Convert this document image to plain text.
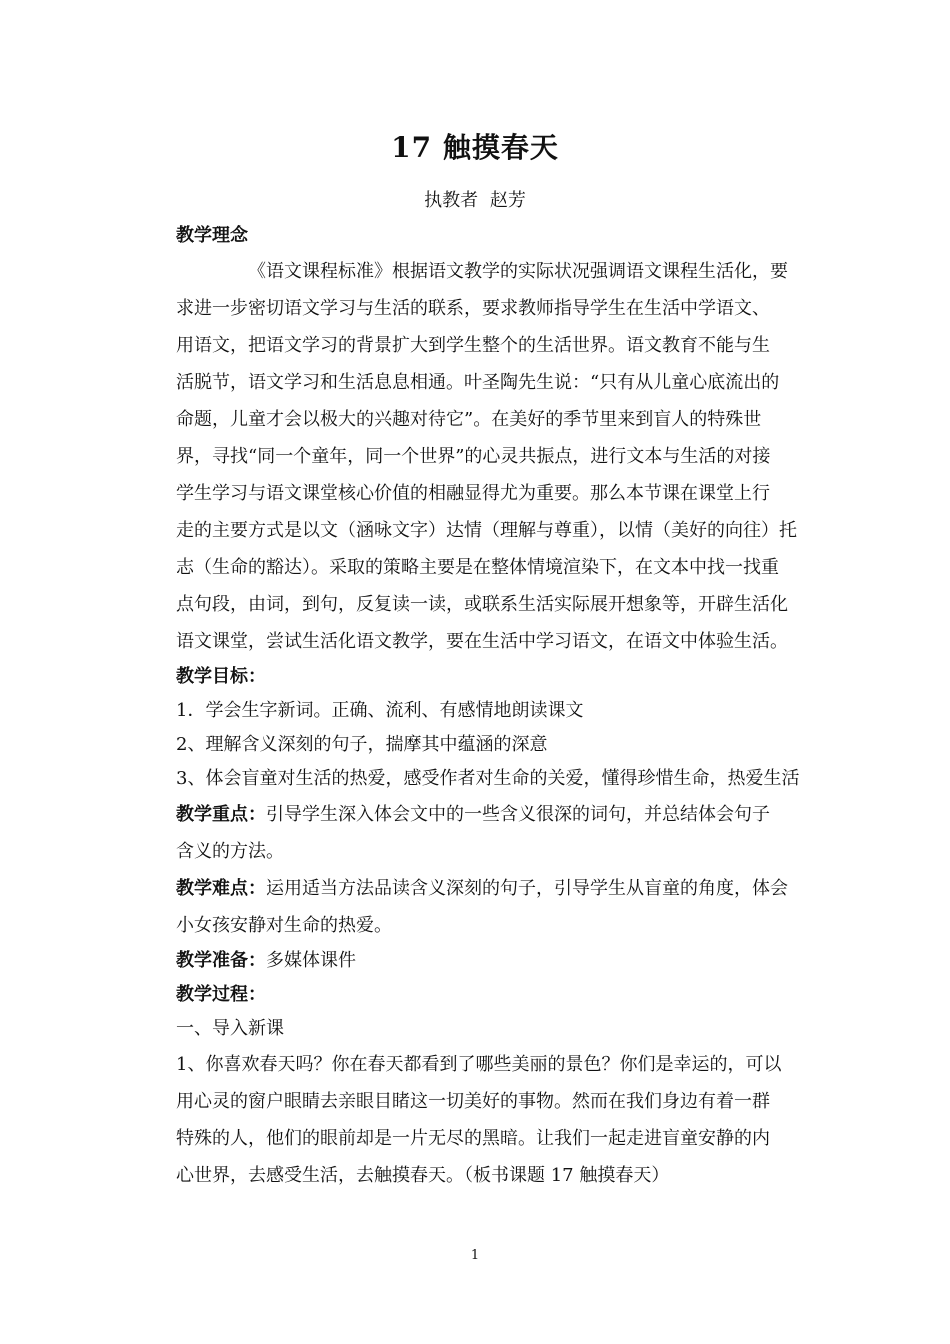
17 触摸春天
执教者 赵芳
教学理念
《语文课程标准》根据语文教学的实际状况强调语文课程生活化，要
求进一步密切语文学习与生活的联系，要求教师指导学生在生活中学语文、
用语文，把语文学习的背景扩大到学生整个的生活世界。语文教育不能与生
活脱节，语文学习和生活息息相通。叶圣陶先生说：“只有从儿童心底流出的
命题，儿童才会以极大的兴趣对待它”。在美好的季节里来到盲人的特殊世
界，寻找“同一个童年，同一个世界”的心灵共振点，进行文本与生活的对接
学生学习与语文课堂核心价值的相融显得尤为重要。那么本节课在课堂上行
走的主要方式是以文（涵咏文字）达情（理解与尊重），以情（美好的向往）托
志（生命的豁达）。采取的策略主要是在整体情境渲染下，在文本中找一找重
点句段，由词，到句，反复读一读，或联系生活实际展开想象等，开辟生活化
语文课堂，尝试生活化语文教学，要在生活中学习语文，在语文中体验生活。
教学目标：
1．学会生字新词。正确、流利、有感情地朗读课文
2、理解含义深刻的句子，揣摩其中蕴涵的深意
3、体会盲童对生活的热爱，感受作者对生命的关爱，懂得珍惜生命，热爱生活
教学重点：引导学生深入体会文中的一些含义很深的词句，并总结体会句子
含义的方法。
教学难点：运用适当方法品读含义深刻的句子，引导学生从盲童的角度，体会
小女孩安静对生命的热爱。
教学准备：多媒体课件
教学过程：
一、导入新课
1、你喜欢春天吗？你在春天都看到了哪些美丽的景色？你们是幸运的，可以
用心灵的窗户眼睛去亲眼目睹这一切美好的事物。然而在我们身边有着一群
特殊的人，他们的眼前却是一片无尽的黑暗。让我们一起走进盲童安静的内
心世界，去感受生活，去触摸春天。（板书课题 17 触摸春天）
1
